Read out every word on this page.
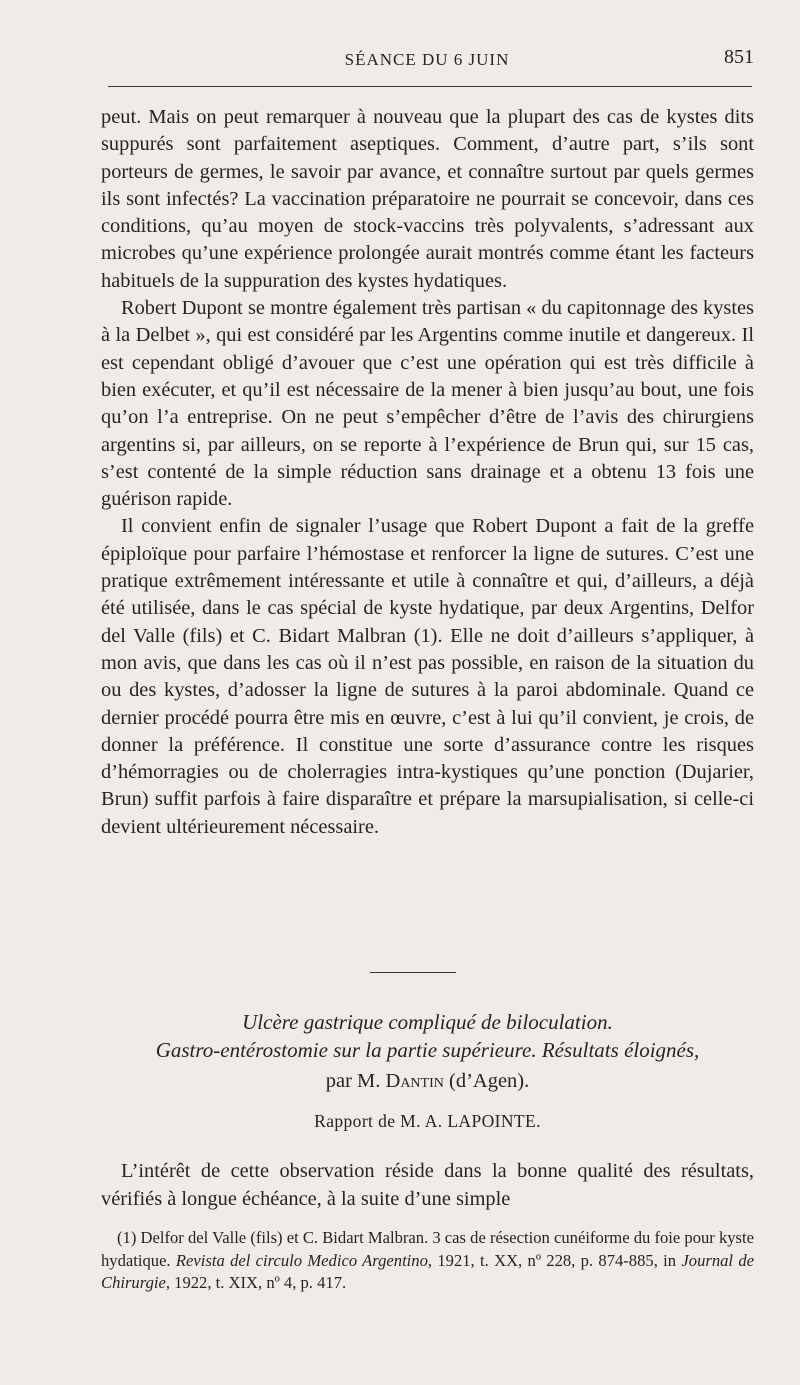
SÉANCE DU 6 JUIN	851

peut. Mais on peut remarquer à nouveau que la plupart des cas de kystes dits suppurés sont parfaitement aseptiques. Comment, d’autre part, s’ils sont porteurs de germes, le savoir par avance, et connaître surtout par quels germes ils sont infectés? La vaccination préparatoire ne pourrait se concevoir, dans ces conditions, qu’au moyen de stock-vaccins très polyvalents, s’adressant aux microbes qu’une expérience prolongée aurait montrés comme étant les facteurs habituels de la suppuration des kystes hydatiques.

Robert Dupont se montre également très partisan « du capitonnage des kystes à la Delbet », qui est considéré par les Argentins comme inutile et dangereux. Il est cependant obligé d’avouer que c’est une opération qui est très difficile à bien exécuter, et qu’il est nécessaire de la mener à bien jusqu’au bout, une fois qu’on l’a entreprise. On ne peut s’empêcher d’être de l’avis des chirurgiens argentins si, par ailleurs, on se reporte à l’expérience de Brun qui, sur 15 cas, s’est contenté de la simple réduction sans drainage et a obtenu 13 fois une guérison rapide.

Il convient enfin de signaler l’usage que Robert Dupont a fait de la greffe épiploïque pour parfaire l’hémostase et renforcer la ligne de sutures. C’est une pratique extrêmement intéressante et utile à connaître et qui, d’ailleurs, a déjà été utilisée, dans le cas spécial de kyste hydatique, par deux Argentins, Delfor del Valle (fils) et C. Bidart Malbran (1). Elle ne doit d’ailleurs s’appliquer, à mon avis, que dans les cas où il n’est pas possible, en raison de la situation du ou des kystes, d’adosser la ligne de sutures à la paroi abdominale. Quand ce dernier procédé pourra être mis en œuvre, c’est à lui qu’il convient, je crois, de donner la préférence. Il constitue une sorte d’assurance contre les risques d’hémorragies ou de cholerragies intra-kystiques qu’une ponction (Dujarier, Brun) suffit parfois à faire disparaître et prépare la marsupialisation, si celle-ci devient ultérieurement nécessaire.

Ulcère gastrique compliqué de biloculation.
Gastro-entérostomie sur la partie supérieure. Résultats éloignés,
par M. Dantin (d’Agen).
Rapport de M. A. LAPOINTE.

L’intérêt de cette observation réside dans la bonne qualité des résultats, vérifiés à longue échéance, à la suite d’une simple

(1) Delfor del Valle (fils) et C. Bidart Malbran. 3 cas de résection cunéiforme du foie pour kyste hydatique. Revista del circulo Medico Argentino, 1921, t. XX, nº 228, p. 874-885, in Journal de Chirurgie, 1922, t. XIX, nº 4, p. 417.
